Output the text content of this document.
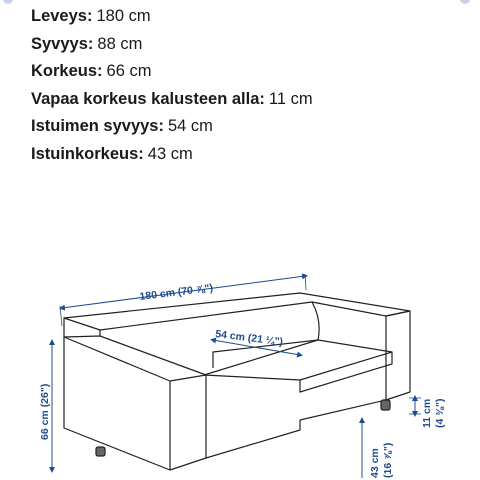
Leveys: 180 cm
Syvyys: 88 cm
Korkeus: 66 cm
Vapaa korkeus kalusteen alla: 11 cm
Istuimen syvyys: 54 cm
Istuinkorkeus: 43 cm
180 cm (70 ⅞")
54 cm (21 ¼")
66 cm (26")	11 cm (4 ⅜")
43 cm (16 ⅞")
